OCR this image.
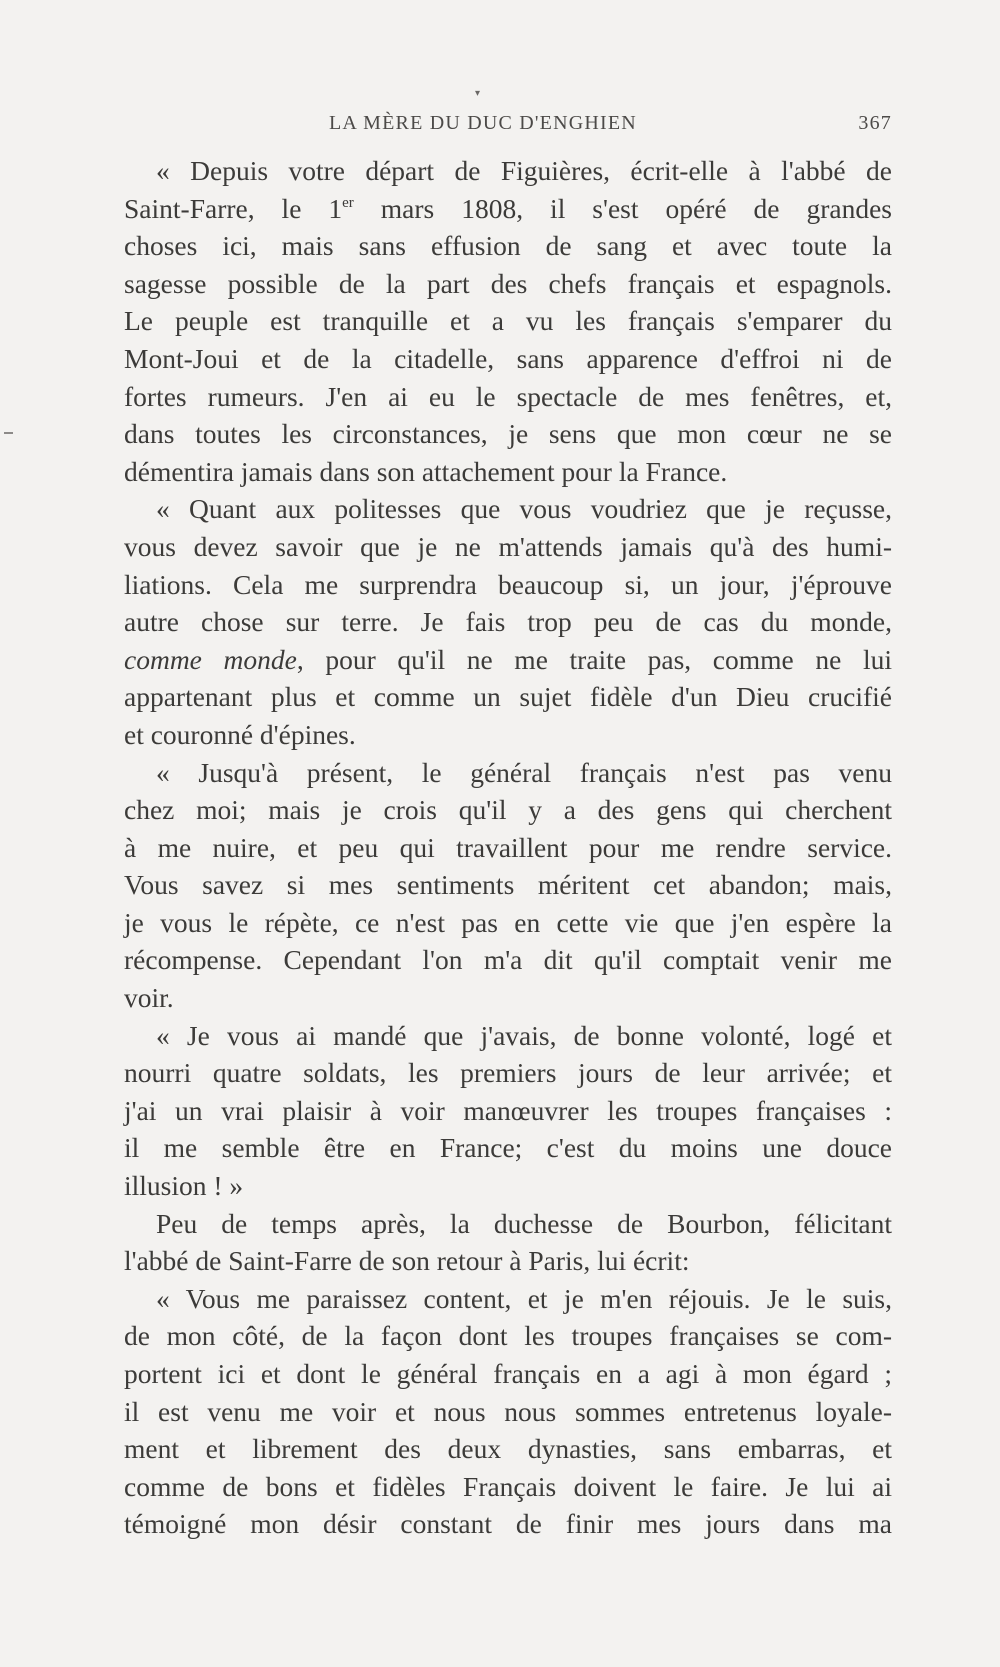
▾
LA MÈRE DU DUC D'ENGHIEN	367
« Depuis votre départ de Figuières, écrit-elle à l'abbé de
Saint-Farre, le 1er mars 1808, il s'est opéré de grandes
choses ici, mais sans effusion de sang et avec toute la
sagesse possible de la part des chefs français et espagnols.
Le peuple est tranquille et a vu les français s'emparer du
Mont-Joui et de la citadelle, sans apparence d'effroi ni de
fortes rumeurs. J'en ai eu le spectacle de mes fenêtres, et,
dans toutes les circonstances, je sens que mon cœur ne se
démentira jamais dans son attachement pour la France.
« Quant aux politesses que vous voudriez que je reçusse,
vous devez savoir que je ne m'attends jamais qu'à des humi-
liations. Cela me surprendra beaucoup si, un jour, j'éprouve
autre chose sur terre. Je fais trop peu de cas du monde,
comme monde, pour qu'il ne me traite pas, comme ne lui
appartenant plus et comme un sujet fidèle d'un Dieu crucifié
et couronné d'épines.
« Jusqu'à présent, le général français n'est pas venu
chez moi; mais je crois qu'il y a des gens qui cherchent
à me nuire, et peu qui travaillent pour me rendre service.
Vous savez si mes sentiments méritent cet abandon; mais,
je vous le répète, ce n'est pas en cette vie que j'en espère la
récompense. Cependant l'on m'a dit qu'il comptait venir me
voir.
« Je vous ai mandé que j'avais, de bonne volonté, logé et
nourri quatre soldats, les premiers jours de leur arrivée; et
j'ai un vrai plaisir à voir manœuvrer les troupes françaises :
il me semble être en France; c'est du moins une douce
illusion ! »
Peu de temps après, la duchesse de Bourbon, félicitant
l'abbé de Saint-Farre de son retour à Paris, lui écrit:
« Vous me paraissez content, et je m'en réjouis. Je le suis,
de mon côté, de la façon dont les troupes françaises se com-
portent ici et dont le général français en a agi à mon égard ;
il est venu me voir et nous nous sommes entretenus loyale-
ment et librement des deux dynasties, sans embarras, et
comme de bons et fidèles Français doivent le faire. Je lui ai
témoigné mon désir constant de finir mes jours dans ma
